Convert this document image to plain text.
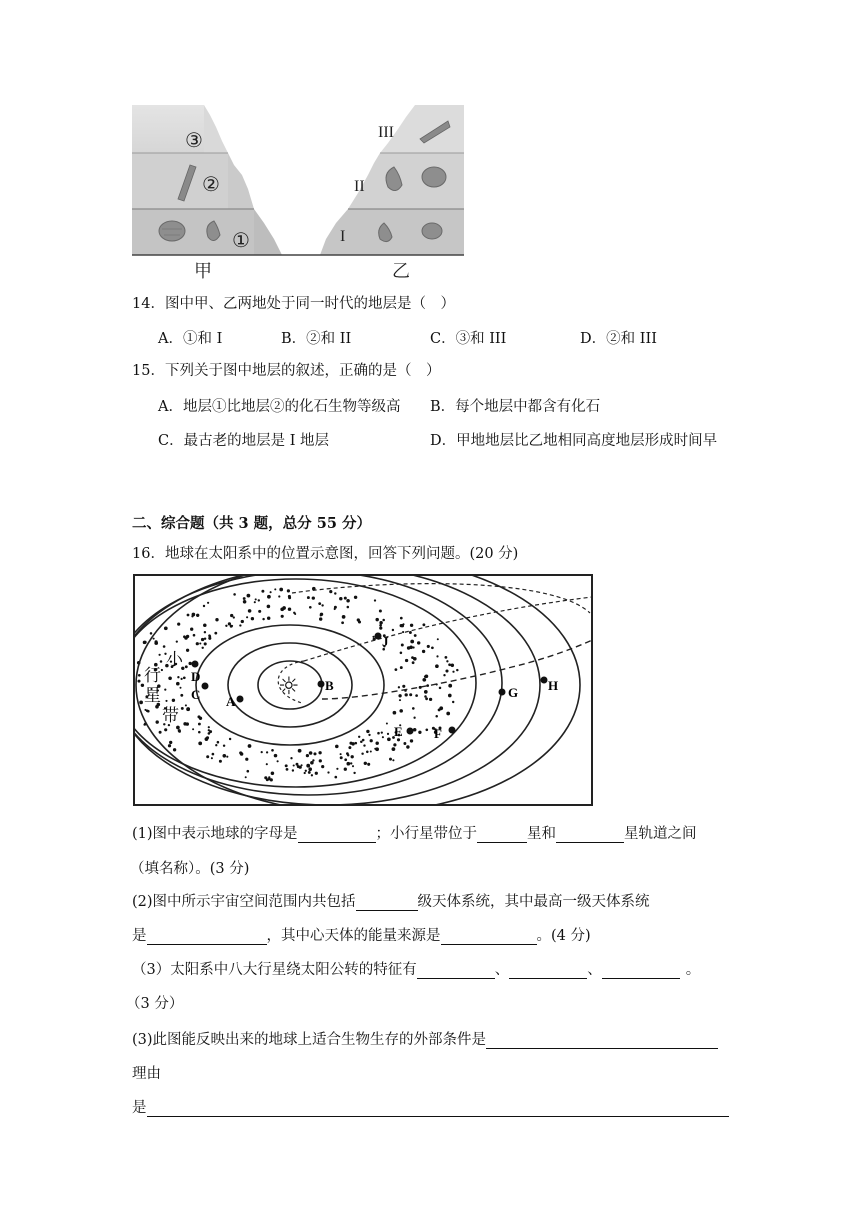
③
②
①
III
II
I
甲	乙
14．图中甲、乙两地处于同一时代的地层是（　）
A．①和 I	B．②和 II	C．③和 III	D．②和 III
15．下列关于图中地层的叙述，正确的是（　）
A．地层①比地层②的化石生物等级高 B．每个地层中都含有化石
C．最古老的地层是 I 地层	D．甲地地层比乙地相同高度地层形成时间早
二、综合题（共 3 题，总分 55 分）
16．地球在太阳系中的位置示意图，回答下列问题。(20 分)
☼ B
A
C
D
J
E F
G H
小
行
星
带
(1)图中表示地球的字母是	；小行星带位于	星和	星轨道之间
（填名称）。(3 分)
(2)图中所示宇宙空间范围内共包括	级天体系统，其中最高一级天体系统
是	，其中心天体的能量来源是	。(4 分)
（3）太阳系中八大行星绕太阳公转的特征有	、	、	。
（3 分）
(3)此图能反映出来的地球上适合生物生存的外部条件是
理由
是
